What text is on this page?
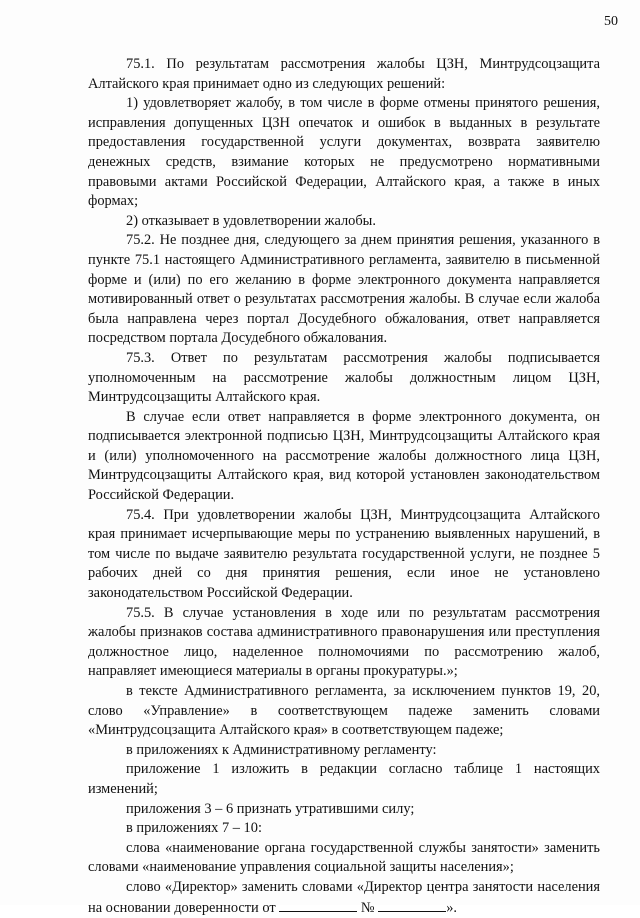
50

75.1. По результатам рассмотрения жалобы ЦЗН, Минтрудсоцзащита Алтайского края принимает одно из следующих решений:

1) удовлетворяет жалобу, в том числе в форме отмены принятого решения, исправления допущенных ЦЗН опечаток и ошибок в выданных в результате предоставления государственной услуги документах, возврата заявителю денежных средств, взимание которых не предусмотрено нормативными правовыми актами Российской Федерации, Алтайского края, а также в иных формах;

2) отказывает в удовлетворении жалобы.

75.2. Не позднее дня, следующего за днем принятия решения, указанного в пункте 75.1 настоящего Административного регламента, заявителю в письменной форме и (или) по его желанию в форме электронного документа направляется мотивированный ответ о результатах рассмотрения жалобы. В случае если жалоба была направлена через портал Досудебного обжалования, ответ направляется посредством портала Досудебного обжалования.

75.3. Ответ по результатам рассмотрения жалобы подписывается уполномоченным на рассмотрение жалобы должностным лицом ЦЗН, Минтрудсоцзащиты Алтайского края.

В случае если ответ направляется в форме электронного документа, он подписывается электронной подписью ЦЗН, Минтрудсоцзащиты Алтайского края и (или) уполномоченного на рассмотрение жалобы должностного лица ЦЗН, Минтрудсоцзащиты Алтайского края, вид которой установлен законодательством Российской Федерации.

75.4. При удовлетворении жалобы ЦЗН, Минтрудсоцзащита Алтайского края принимает исчерпывающие меры по устранению выявленных нарушений, в том числе по выдаче заявителю результата государственной услуги, не позднее 5 рабочих дней со дня принятия решения, если иное не установлено законодательством Российской Федерации.

75.5. В случае установления в ходе или по результатам рассмотрения жалобы признаков состава административного правонарушения или преступления должностное лицо, наделенное полномочиями по рассмотрению жалоб, направляет имеющиеся материалы в органы прокуратуры.»;

в тексте Административного регламента, за исключением пунктов 19, 20, слово «Управление» в соответствующем падеже заменить словами «Минтрудсоцзащита Алтайского края» в соответствующем падеже;

в приложениях к Административному регламенту:

приложение 1 изложить в редакции согласно таблице 1 настоящих изменений;

приложения 3 – 6 признать утратившими силу;

в приложениях 7 – 10:

слова «наименование органа государственной службы занятости» заменить словами «наименование управления социальной защиты населения»;

слово «Директор» заменить словами «Директор центра занятости населения на основании доверенности от	№	».
